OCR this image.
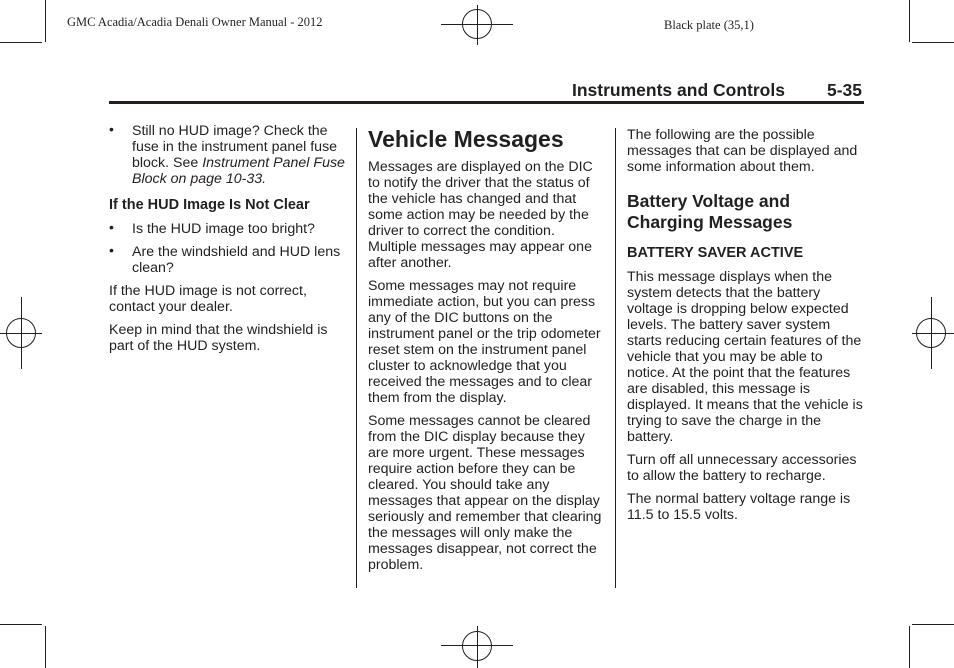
GMC Acadia/Acadia Denali Owner Manual - 2012	Black plate (35,1)
Instruments and Controls 5-35
• Still no HUD image? Check the fuse in the instrument panel fuse block. See Instrument Panel Fuse Block on page 10-33.
If the HUD Image Is Not Clear
• Is the HUD image too bright?
• Are the windshield and HUD lens clean?

If the HUD image is not correct, contact your dealer.

Keep in mind that the windshield is part of the HUD system.

Vehicle Messages

Messages are displayed on the DIC to notify the driver that the status of the vehicle has changed and that some action may be needed by the driver to correct the condition. Multiple messages may appear one after another.

Some messages may not require immediate action, but you can press any of the DIC buttons on the instrument panel or the trip odometer reset stem on the instrument panel cluster to acknowledge that you received the messages and to clear them from the display.

Some messages cannot be cleared from the DIC display because they are more urgent. These messages require action before they can be cleared. You should take any messages that appear on the display seriously and remember that clearing the messages will only make the messages disappear, not correct the problem.

The following are the possible messages that can be displayed and some information about them.

Battery Voltage and Charging Messages
BATTERY SAVER ACTIVE

This message displays when the system detects that the battery voltage is dropping below expected levels. The battery saver system starts reducing certain features of the vehicle that you may be able to notice. At the point that the features are disabled, this message is displayed. It means that the vehicle is trying to save the charge in the battery.

Turn off all unnecessary accessories to allow the battery to recharge.

The normal battery voltage range is 11.5 to 15.5 volts.
